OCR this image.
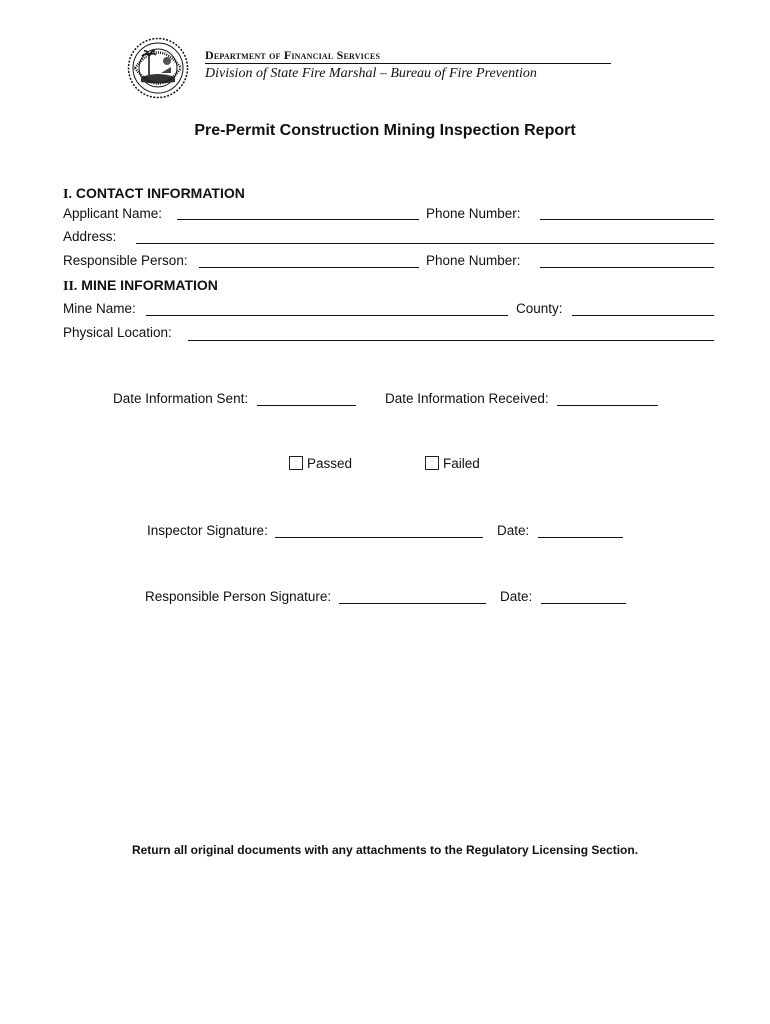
Department of Financial Services
Division of State Fire Marshal – Bureau of Fire Prevention
Pre-Permit Construction Mining Inspection Report
I. CONTACT INFORMATION
Applicant Name:	Phone Number:
Address:
Responsible Person:	Phone Number:
II. MINE INFORMATION
Mine Name:	County:
Physical Location:
Date Information Sent:	Date Information Received:
Passed	Failed
Inspector Signature:	Date:
Responsible Person Signature:	Date:
Return all original documents with any attachments to the Regulatory Licensing Section.
